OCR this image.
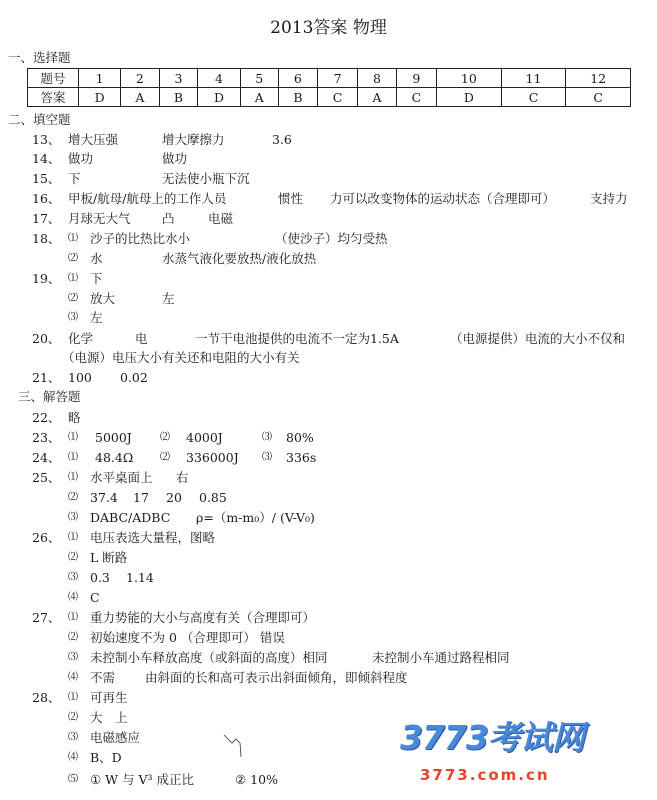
2013答案 物理
一、选择题
题号	1	2	3	4	5	6	7	8	9	10	11	12
答案	D	A	B	D	A	B	C	A	C	D	C	C
二、填空题
13、 增大压强	增大摩擦力	3.6
14、 做功	做功
15、 下	无法使小瓶下沉
16、 甲板/航母/航母上的工作人员	惯性 力可以改变物体的运动状态（合理即可）	支持力
17、 月球无大气	凸	电磁
18、 ⑴ 沙子的比热比水小	（使沙子）均匀受热
⑵ 水	水蒸气液化要放热/液化放热
19、 ⑴ 下
⑵ 放大	左
⑶ 左
20、 化学	电	一节干电池提供的电流不一定为1.5A	（电源提供）电流的大小不仅和
（电源）电压大小有关还和电阻的大小有关
21、 100 0.02
三、解答题
22、 略
23、 ⑴ 5000J	⑵ 4000J	⑶ 80%
24、 ⑴ 48.4Ω	⑵ 336000J ⑶ 336s
25、 ⑴ 水平桌面上 右
⑵ 37.4 17 20 0.85
⑶ DABC/ADBC ρ=（m-m₀）/ (V-V₀)
26、 ⑴ 电压表选大量程，图略
⑵ L 断路
⑶ 0.3 1.14
⑷ C
27、 ⑴ 重力势能的大小与高度有关（合理即可）
⑵ 初始速度不为 0 （合理即可） 错误
⑶ 未控制小车释放高度（或斜面的高度）相同	未控制小车通过路程相同
⑷ 不需 由斜面的长和高可表示出斜面倾角，即倾斜程度
28、 ⑴ 可再生
⑵ 大　上
⑶ 电磁感应
⑷ B、D
⑸ ① W 与 V³ 成正比	② 10%
3773考试网
3773.com.cn
